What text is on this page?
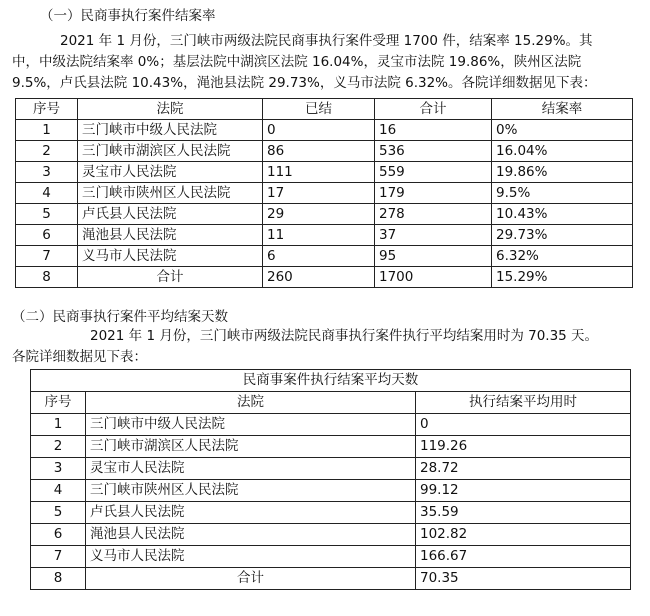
（一）民商事执行案件结案率
2021 年 1 月份，三门峡市两级法院民商事执行案件受理 1700 件，结案率 15.29%。其
中，中级法院结案率 0%；基层法院中湖滨区法院 16.04%，灵宝市法院 19.86%，陕州区法院
9.5%，卢氏县法院 10.43%，渑池县法院 29.73%，义马市法院 6.32%。各院详细数据见下表：
序号	法院	已结	合计	结案率
1	三门峡市中级人民法院	0	16	0%
2	三门峡市湖滨区人民法院	86	536	16.04%
3	灵宝市人民法院	111	559	19.86%
4	三门峡市陕州区人民法院	17	179	9.5%
5	卢氏县人民法院	29	278	10.43%
6	渑池县人民法院	11	37	29.73%
7	义马市人民法院	6	95	6.32%
8	合计	260	1700	15.29%
（二）民商事执行案件平均结案天数
2021 年 1 月份，三门峡市两级法院民商事执行案件执行平均结案用时为 70.35 天。
各院详细数据见下表：
民商事案件执行结案平均天数		
序号	法院	执行结案平均用时
1	三门峡市中级人民法院	0
2	三门峡市湖滨区人民法院	119.26
3	灵宝市人民法院	28.72
4	三门峡市陕州区人民法院	99.12
5	卢氏县人民法院	35.59
6	渑池县人民法院	102.82
7	义马市人民法院	166.67
8	合计	70.35
